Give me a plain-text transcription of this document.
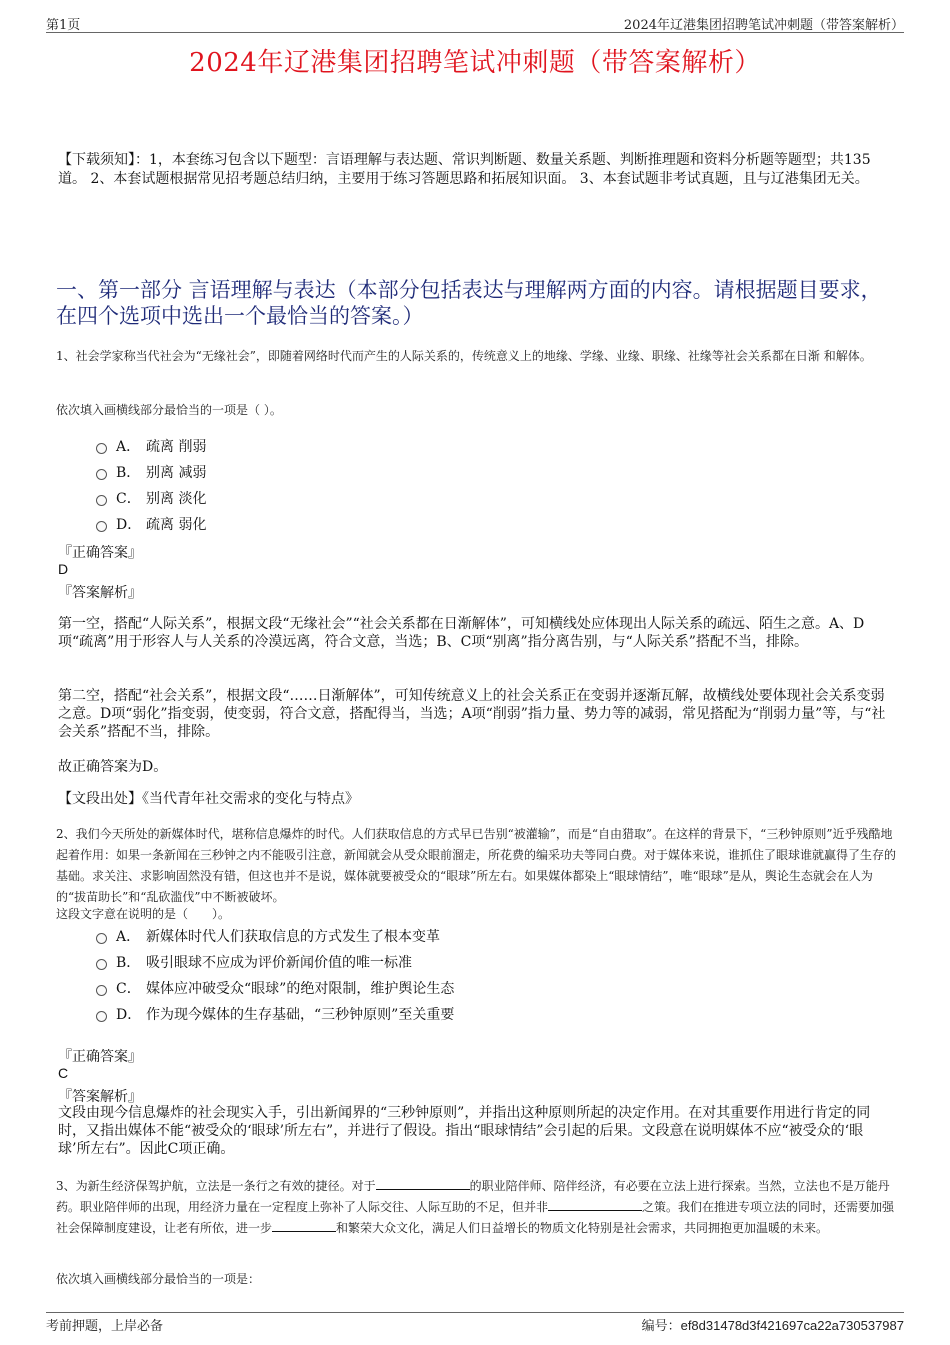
第1页	2024年辽港集团招聘笔试冲刺题（带答案解析）
2024年辽港集团招聘笔试冲刺题（带答案解析）
【下载须知】：1，本套练习包含以下题型：言语理解与表达题、常识判断题、数量关系题、判断推理题和资料分析题等题型；共135道。 2、本套试题根据常见招考题总结归纳，主要用于练习答题思路和拓展知识面。 3、本套试题非考试真题，且与辽港集团无关。
一、第一部分 言语理解与表达（本部分包括表达与理解两方面的内容。请根据题目要求，在四个选项中选出一个最恰当的答案。）
1、社会学家称当代社会为“无缘社会”，即随着网络时代而产生的人际关系的，传统意义上的地缘、学缘、业缘、职缘、社缘等社会关系都在日渐 和解体。
依次填入画横线部分最恰当的一项是（ ）。
A． 疏离 削弱
B． 别离 减弱
C． 别离 淡化
D． 疏离 弱化
『正确答案』
D
『答案解析』
第一空，搭配“人际关系”，根据文段“无缘社会”“社会关系都在日渐解体”，可知横线处应体现出人际关系的疏远、陌生之意。A、D项“疏离”用于形容人与人关系的冷漠远离，符合文意，当选；B、C项“别离”指分离告别，与“人际关系”搭配不当，排除。
第二空，搭配“社会关系”，根据文段“……日渐解体”，可知传统意义上的社会关系正在变弱并逐渐瓦解，故横线处要体现社会关系变弱之意。D项“弱化”指变弱，使变弱，符合文意，搭配得当，当选；A项“削弱”指力量、势力等的减弱，常见搭配为“削弱力量”等，与“社会关系”搭配不当，排除。
故正确答案为D。
【文段出处】《当代青年社交需求的变化与特点》
2、我们今天所处的新媒体时代，堪称信息爆炸的时代。人们获取信息的方式早已告别“被灌输”，而是“自由猎取”。在这样的背景下，“三秒钟原则”近乎残酷地起着作用：如果一条新闻在三秒钟之内不能吸引注意，新闻就会从受众眼前溜走，所花费的编采功夫等同白费。对于媒体来说，谁抓住了眼球谁就赢得了生存的基础。求关注、求影响固然没有错，但这也并不是说，媒体就要被受众的“眼球”所左右。如果媒体都染上“眼球情结”，唯“眼球”是从，舆论生态就会在人为的“拔苗助长”和“乱砍滥伐”中不断被破坏。
这段文字意在说明的是（　　）。
A． 新媒体时代人们获取信息的方式发生了根本变革
B． 吸引眼球不应成为评价新闻价值的唯一标准
C． 媒体应冲破受众“眼球”的绝对限制，维护舆论生态
D． 作为现今媒体的生存基础，“三秒钟原则”至关重要
『正确答案』
C
『答案解析』
文段由现今信息爆炸的社会现实入手，引出新闻界的“三秒钟原则”，并指出这种原则所起的决定作用。在对其重要作用进行肯定的同时，又指出媒体不能“被受众的‘眼球’所左右”，并进行了假设。指出“眼球情结”会引起的后果。文段意在说明媒体不应“被受众的‘眼球’所左右”。因此C项正确。
3、为新生经济保驾护航，立法是一条行之有效的捷径。对于	的职业陪伴师、陪伴经济，有必要在立法上进行探索。当然，立法也不是万能丹药。职业陪伴师的出现，用经济力量在一定程度上弥补了人际交往、人际互助的不足，但并非	之策。我们在推进专项立法的同时，还需要加强社会保障制度建设，让老有所依，进一步	和繁荣大众文化，满足人们日益增长的物质文化特别是社会需求，共同拥抱更加温暖的未来。
依次填入画横线部分最恰当的一项是：
考前押题，上岸必备	编号：ef8d31478d3f421697ca22a730537987
